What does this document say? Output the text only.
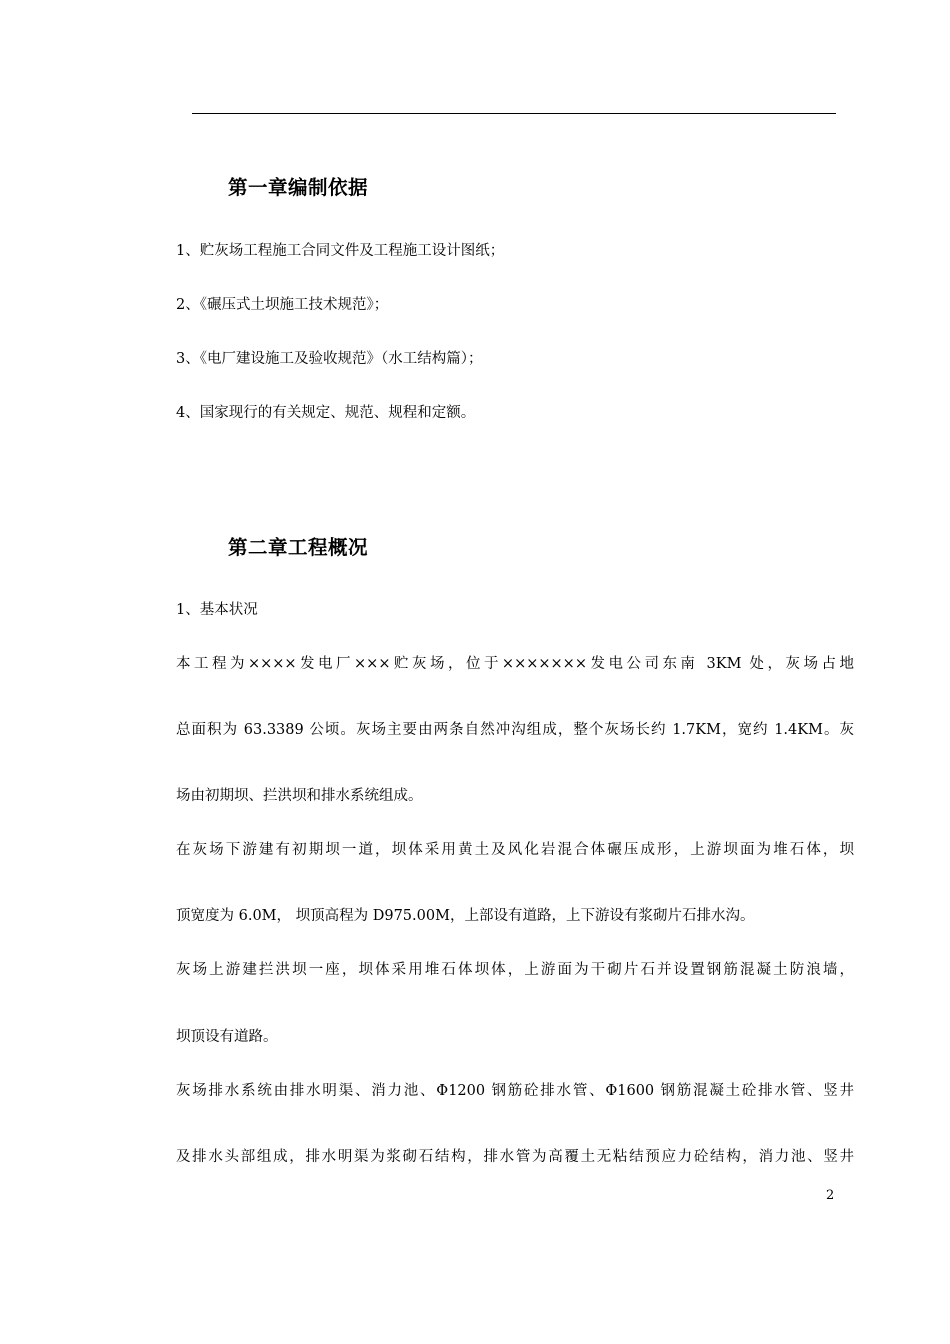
第一章编制依据
1、贮灰场工程施工合同文件及工程施工设计图纸；
2、《碾压式土坝施工技术规范》；
3、《电厂建设施工及验收规范》（水工结构篇）；
4、国家现行的有关规定、规范、规程和定额。
第二章工程概况
1、基本状况
本工程为××××发电厂×××贮灰场，位于×××××××发电公司东南 3KM 处，灰场占地
总面积为 63.3389 公顷。灰场主要由两条自然冲沟组成，整个灰场长约 1.7KM，宽约 1.4KM。灰
场由初期坝、拦洪坝和排水系统组成。
在灰场下游建有初期坝一道，坝体采用黄土及风化岩混合体碾压成形，上游坝面为堆石体，坝
顶宽度为 6.0M， 坝顶高程为 D975.00M，上部设有道路，上下游设有浆砌片石排水沟。
灰场上游建拦洪坝一座，坝体采用堆石体坝体，上游面为干砌片石并设置钢筋混凝土防浪墙，
坝顶设有道路。
灰场排水系统由排水明渠、消力池、Φ1200 钢筋砼排水管、Φ1600 钢筋混凝土砼排水管、竖井
及排水头部组成，排水明渠为浆砌石结构，排水管为高覆土无粘结预应力砼结构，消力池、竖井
2
